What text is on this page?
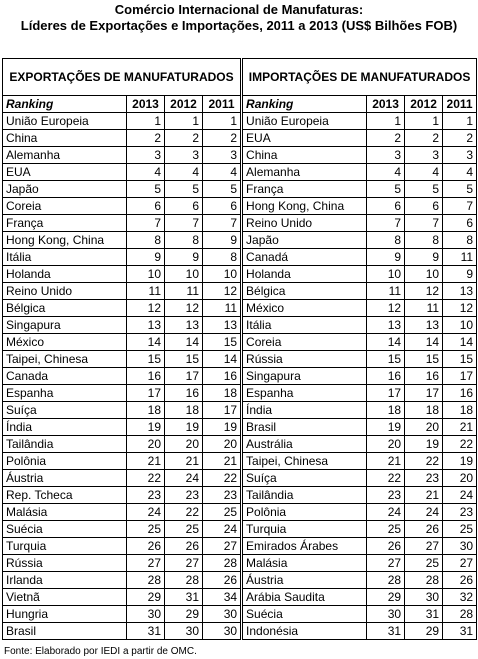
Comércio Internacional de Manufaturas:
Líderes de Exportações e Importações, 2011 a 2013 (US$ Bilhões FOB)
EXPORTAÇÕES DE MANUFATURADOS					IMPORTAÇÕES DE MANUFATURADOS			
Ranking	2013	2012	2011		Ranking	2013	2012	2011
União Europeia	1	1	1		União Europeia	1	1	1
China	2	2	2		EUA	2	2	2
Alemanha	3	3	3		China	3	3	3
EUA	4	4	4		Alemanha	4	4	4
Japão	5	5	5		França	5	5	5
Coreia	6	6	6		Hong Kong, China	6	6	7
França	7	7	7		Reino Unido	7	7	6
Hong Kong, China	8	8	9		Japão	8	8	8
Itália	9	9	8		Canadá	9	9	11
Holanda	10	10	10		Holanda	10	10	9
Reino Unido	11	11	12		Bélgica	11	12	13
Bélgica	12	12	11		México	12	11	12
Singapura	13	13	13		Itália	13	13	10
México	14	14	15		Coreia	14	14	14
Taipei, Chinesa	15	15	14		Rússia	15	15	15
Canada	16	17	16		Singapura	16	16	17
Espanha	17	16	18		Espanha	17	17	16
Suíça	18	18	17		Índia	18	18	18
Índia	19	19	19		Brasil	19	20	21
Tailândia	20	20	20		Austrália	20	19	22
Polônia	21	21	21		Taipei, Chinesa	21	22	19
Áustria	22	24	22		Suíça	22	23	20
Rep. Tcheca	23	23	23		Tailândia	23	21	24
Malásia	24	22	25		Polônia	24	24	23
Suécia	25	25	24		Turquia	25	26	25
Turquia	26	26	27		Emirados Árabes	26	27	30
Rússia	27	27	28		Malásia	27	25	27
Irlanda	28	28	26		Áustria	28	28	26
Vietnã	29	31	34		Arábia Saudita	29	30	32
Hungria	30	29	30		Suécia	30	31	28
Brasil	31	30	30		Indonésia	31	29	31
Fonte: Elaborado por IEDI a partir de OMC.
